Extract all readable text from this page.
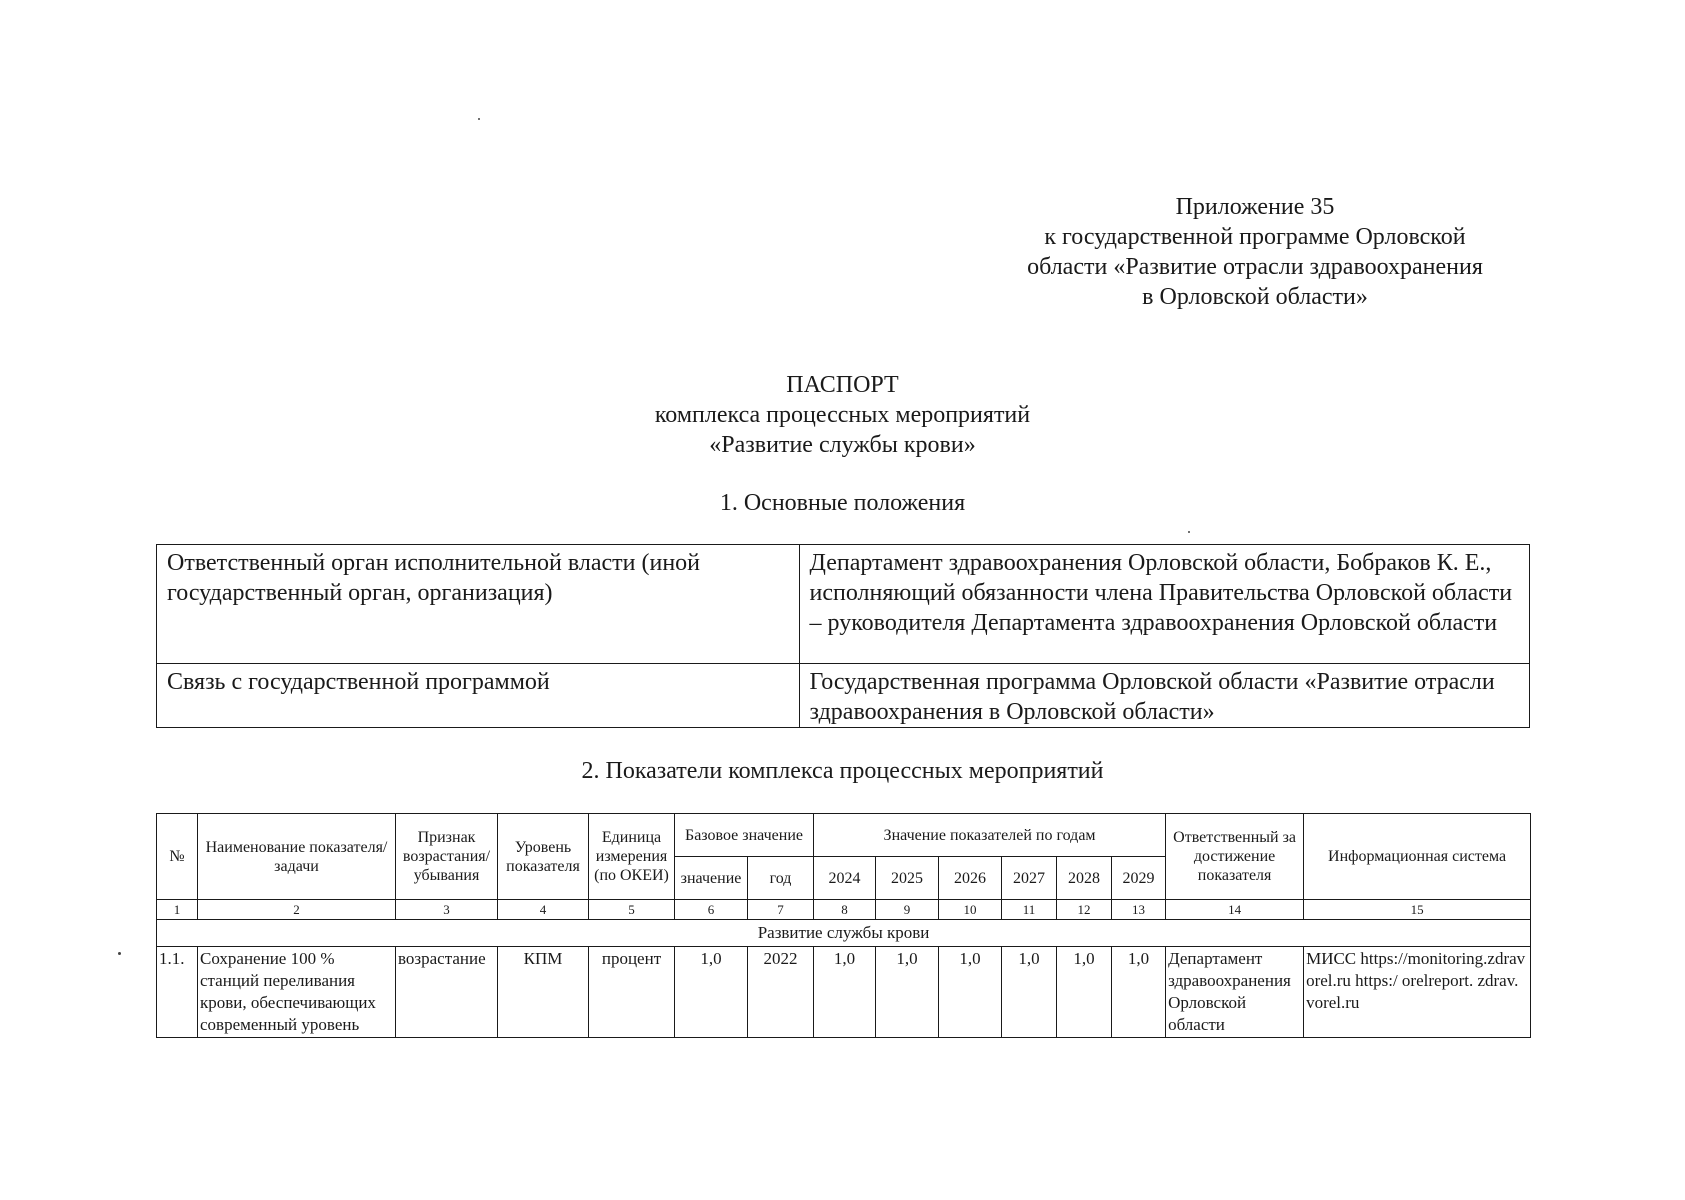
Приложение 35
к государственной программе Орловской
области «Развитие отрасли здравоохранения
в Орловской области»
ПАСПОРТ
комплекса процессных мероприятий
«Развитие службы крови»
1. Основные положения
Ответственный орган исполнительной власти (иной государственный орган, организация)	Департамент здравоохранения Орловской области, Бобраков К. Е., исполняющий обязанности члена Правительства Орловской области – руководителя Департамента здравоохранения Орловской области
Связь с государственной программой	Государственная программа Орловской области «Развитие отрасли здравоохранения в Орловской области»
2. Показатели комплекса процессных мероприятий
№	Наименование показателя/ задачи	Признак возрастания/ убывания	Уровень показателя	Единица измерения (по ОКЕИ)	Базовое значение		Значение показателей по годам						Ответственный за достижение показателя	Информационная система
					значение	год	2024	2025	2026	2027	2028	2029		
1	2	3	4	5	6	7	8	9	10	11	12	13	14	15
Развитие службы крови														
1.1.	Сохранение 100 % станций переливания крови, обеспечивающих современный уровень	возрастание	КПМ	процент	1,0	2022	1,0	1,0	1,0	1,0	1,0	1,0	Департамент здравоохранения Орловской области	МИСС https://monitoring.zdravorel.ru https:/ orelreport. zdrav. vorel.ru
